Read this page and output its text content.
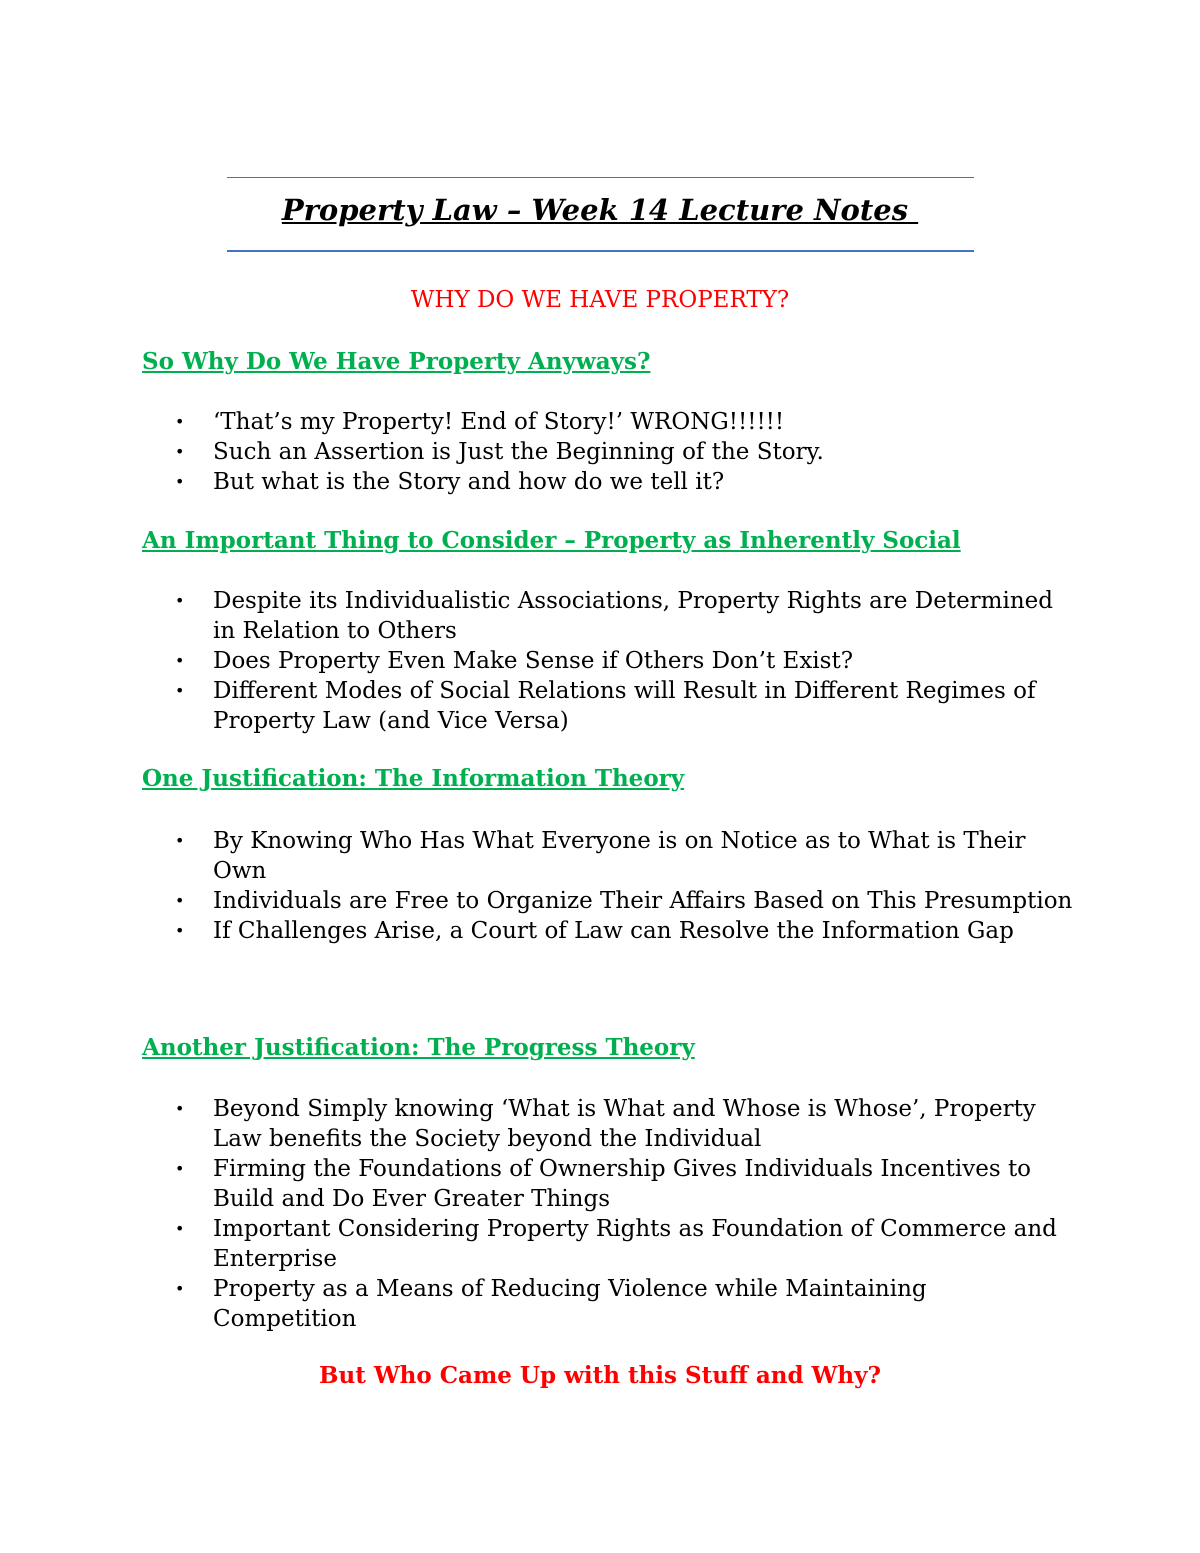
Property Law – Week 14 Lecture Notes
WHY DO WE HAVE PROPERTY?
So Why Do We Have Property Anyways?
• ‘That’s my Property! End of Story!’ WRONG!!!!!!
• Such an Assertion is Just the Beginning of the Story.
• But what is the Story and how do we tell it?
An Important Thing to Consider – Property as Inherently Social
• Despite its Individualistic Associations, Property Rights are Determined in Relation to Others
• Does Property Even Make Sense if Others Don’t Exist?
• Different Modes of Social Relations will Result in Different Regimes of Property Law (and Vice Versa)
One Justification: The Information Theory
• By Knowing Who Has What Everyone is on Notice as to What is Their Own
• Individuals are Free to Organize Their Affairs Based on This Presumption
• If Challenges Arise, a Court of Law can Resolve the Information Gap
Another Justification: The Progress Theory
• Beyond Simply knowing ‘What is What and Whose is Whose’, Property Law benefits the Society beyond the Individual
• Firming the Foundations of Ownership Gives Individuals Incentives to Build and Do Ever Greater Things
• Important Considering Property Rights as Foundation of Commerce and Enterprise
• Property as a Means of Reducing Violence while Maintaining Competition
But Who Came Up with this Stuff and Why?
